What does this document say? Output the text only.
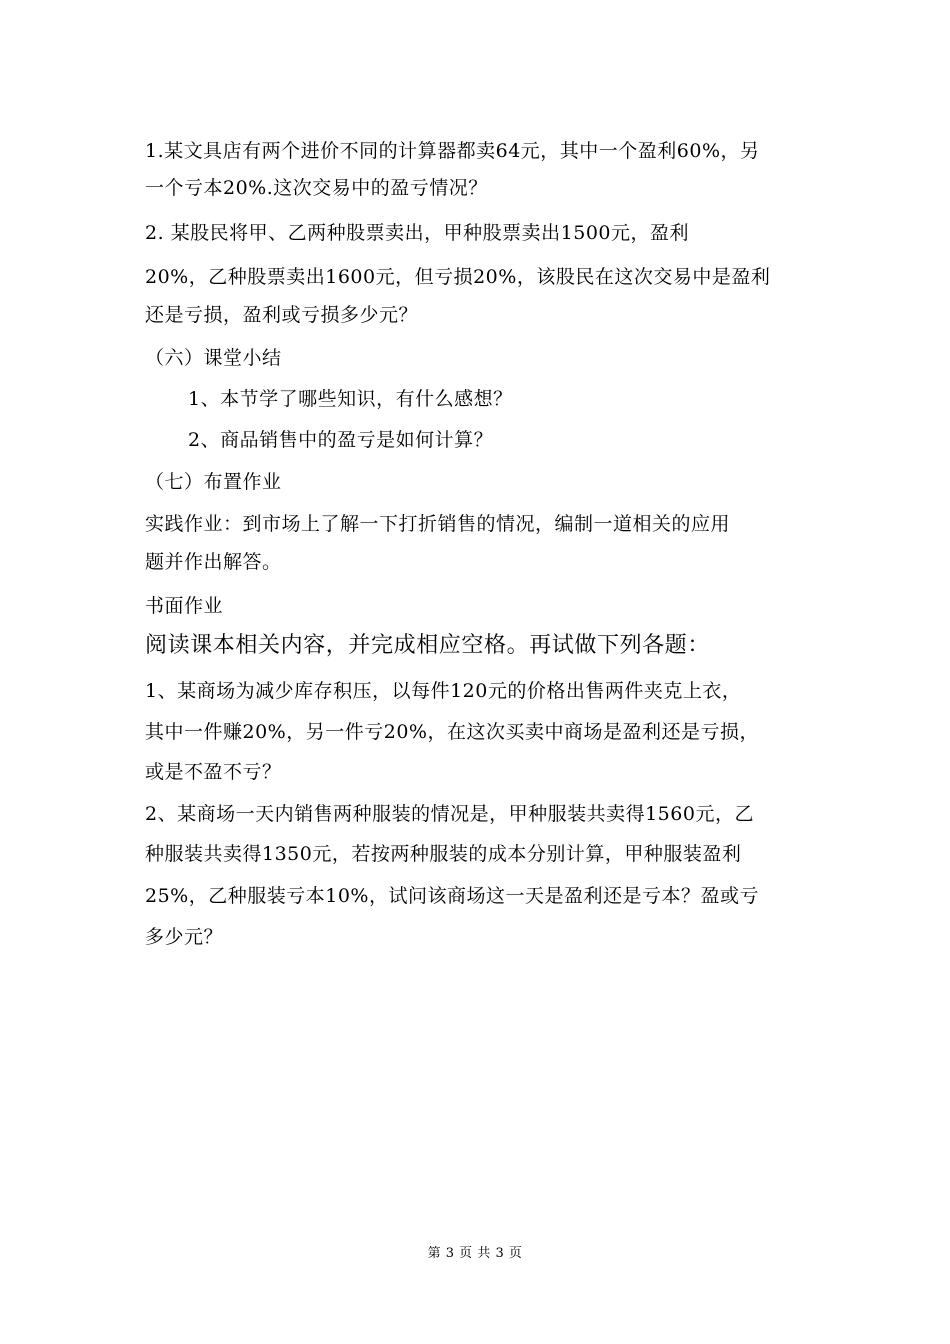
1.某文具店有两个进价不同的计算器都卖64元，其中一个盈利60%，另
一个亏本20%.这次交易中的盈亏情况？
2. 某股民将甲、乙两种股票卖出，甲种股票卖出1500元，盈利
20%，乙种股票卖出1600元，但亏损20%，该股民在这次交易中是盈利
还是亏损，盈利或亏损多少元？
（六）课堂小结
1、本节学了哪些知识，有什么感想？
2、商品销售中的盈亏是如何计算？
（七）布置作业
实践作业：到市场上了解一下打折销售的情况，编制一道相关的应用
题并作出解答。
书面作业
阅读课本相关内容，并完成相应空格。再试做下列各题：
1、某商场为减少库存积压，以每件120元的价格出售两件夹克上衣，
其中一件赚20%，另一件亏20%，在这次买卖中商场是盈利还是亏损，
或是不盈不亏？
2、某商场一天内销售两种服装的情况是，甲种服装共卖得1560元，乙
种服装共卖得1350元，若按两种服装的成本分别计算，甲种服装盈利
25%，乙种服装亏本10%，试问该商场这一天是盈利还是亏本？盈或亏
多少元？
第 3 页 共 3 页
